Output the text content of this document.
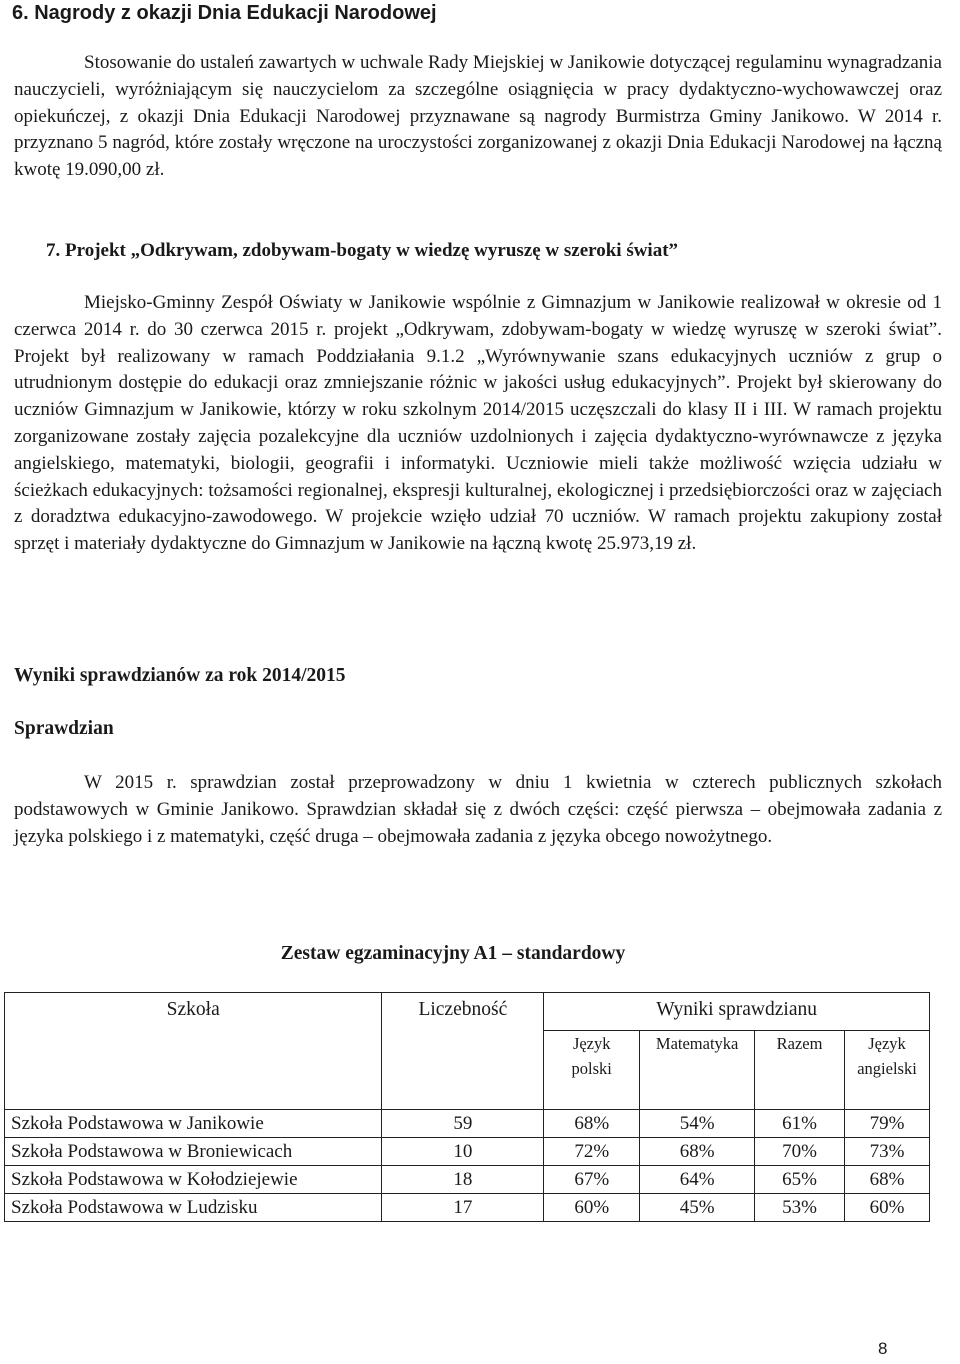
6. Nagrody z okazji Dnia Edukacji Narodowej

Stosowanie do ustaleń zawartych w uchwale Rady Miejskiej w Janikowie dotyczącej regulaminu wynagradzania nauczycieli, wyróżniającym się nauczycielom za szczególne osiągnięcia w pracy dydaktyczno-wychowawczej oraz opiekuńczej, z okazji Dnia Edukacji Narodowej przyznawane są nagrody Burmistrza Gminy Janikowo. W 2014 r. przyznano 5 nagród, które zostały wręczone na uroczystości zorganizowanej z okazji Dnia Edukacji Narodowej na łączną kwotę 19.090,00 zł.

7. Projekt „Odkrywam, zdobywam-bogaty w wiedzę wyruszę w szeroki świat”

Miejsko-Gminny Zespół Oświaty w Janikowie wspólnie z Gimnazjum w Janikowie realizował w okresie od 1 czerwca 2014 r. do 30 czerwca 2015 r. projekt „Odkrywam, zdobywam-bogaty w wiedzę wyruszę w szeroki świat”. Projekt był realizowany w ramach Poddziałania 9.1.2 „Wyrównywanie szans edukacyjnych uczniów z grup o utrudnionym dostępie do edukacji oraz zmniejszanie różnic w jakości usług edukacyjnych”. Projekt był skierowany do uczniów Gimnazjum w Janikowie, którzy w roku szkolnym 2014/2015 uczęszczali do klasy II i III. W ramach projektu zorganizowane zostały zajęcia pozalekcyjne dla uczniów uzdolnionych i zajęcia dydaktyczno-wyrównawcze z języka angielskiego, matematyki, biologii, geografii i informatyki. Uczniowie mieli także możliwość wzięcia udziału w ścieżkach edukacyjnych: tożsamości regionalnej, ekspresji kulturalnej, ekologicznej i przedsiębiorczości oraz w zajęciach z doradztwa edukacyjno-zawodowego. W projekcie wzięło udział 70 uczniów. W ramach projektu zakupiony został sprzęt i materiały dydaktyczne do Gimnazjum w Janikowie na łączną kwotę 25.973,19 zł.

Wyniki sprawdzianów za rok 2014/2015
Sprawdzian

W 2015 r. sprawdzian został przeprowadzony w dniu 1 kwietnia w czterech publicznych szkołach podstawowych w Gminie Janikowo. Sprawdzian składał się z dwóch części: część pierwsza – obejmowała zadania z języka polskiego i z matematyki, część druga – obejmowała zadania z języka obcego nowożytnego.

Zestaw egzaminacyjny A1 – standardowy
Szkoła	Liczebność	Wyniki sprawdzianu			
		Język polski	Matematyka	Razem	Język angielski
Szkoła Podstawowa w Janikowie	59	68%	54%	61%	79%
Szkoła Podstawowa w Broniewicach	10	72%	68%	70%	73%
Szkoła Podstawowa w Kołodziejewie	18	67%	64%	65%	68%
Szkoła Podstawowa w Ludzisku	17	60%	45%	53%	60%

8
